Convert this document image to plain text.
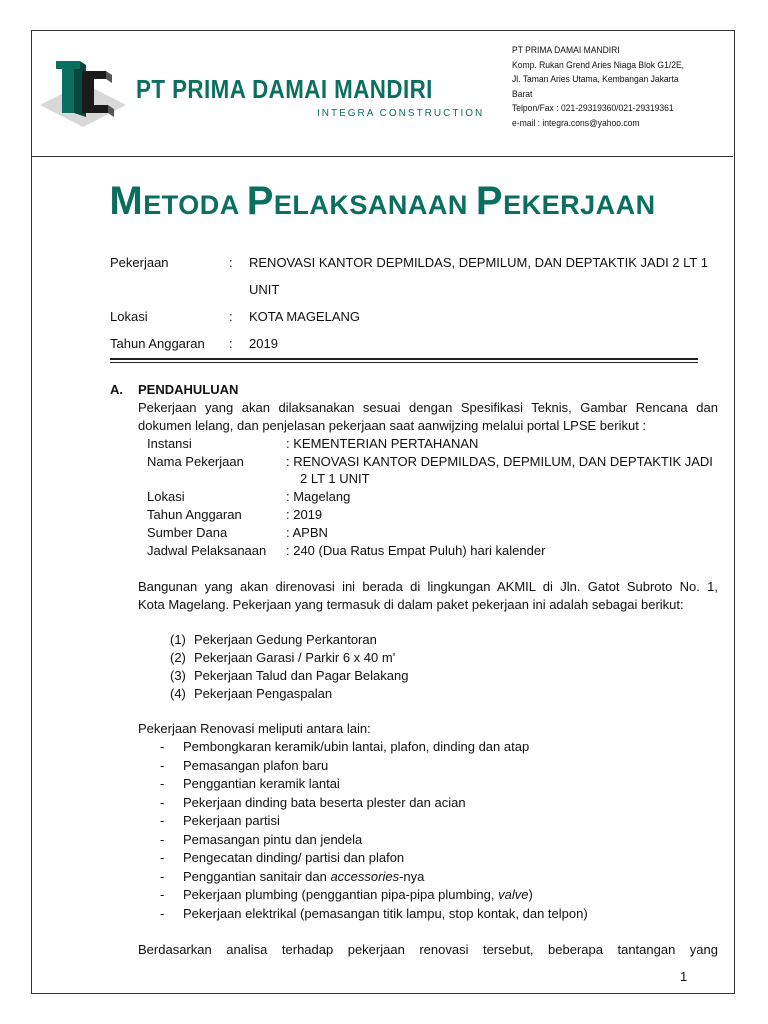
PT PRIMA DAMAI MANDIRI
INTEGRA CONSTRUCTION
PT PRIMA DAMAI MANDIRI
Komp. Rukan Grend Aries Niaga Blok G1/2E,
Jl. Taman Aries Utama, Kembangan Jakarta
Barat
Telpon/Fax : 021-29319360/021-29319361
e-mail : integra.cons@yahoo.com
METODA PELAKSANAAN PEKERJAAN
Pekerjaan	: RENOVASI KANTOR DEPMILDAS, DEPMILUM, DAN DEPTAKTIK JADI 2 LT 1
UNIT
Lokasi	: KOTA MAGELANG
Tahun Anggaran : 2019
A. PENDAHULUAN
Pekerjaan yang akan dilaksanakan sesuai dengan Spesifikasi Teknis, Gambar Rencana dan
dokumen lelang, dan penjelasan pekerjaan saat aanwijzing melalui portal LPSE berikut :
Instansi	: KEMENTERIAN PERTAHANAN
Nama Pekerjaan	: RENOVASI KANTOR DEPMILDAS, DEPMILUM, DAN DEPTAKTIK JADI
2 LT 1 UNIT
Lokasi	: Magelang
Tahun Anggaran	: 2019
Sumber Dana	: APBN
Jadwal Pelaksanaan : 240 (Dua Ratus Empat Puluh) hari kalender
Bangunan yang akan direnovasi ini berada di lingkungan AKMIL di Jln. Gatot Subroto No. 1,
Kota Magelang. Pekerjaan yang termasuk di dalam paket pekerjaan ini adalah sebagai berikut:
(1) Pekerjaan Gedung Perkantoran
(2) Pekerjaan Garasi / Parkir 6 x 40 m'
(3) Pekerjaan Talud dan Pagar Belakang
(4) Pekerjaan Pengaspalan
Pekerjaan Renovasi meliputi antara lain:
- Pembongkaran keramik/ubin lantai, plafon, dinding dan atap
- Pemasangan plafon baru
- Penggantian keramik lantai
- Pekerjaan dinding bata beserta plester dan acian
- Pekerjaan partisi
- Pemasangan pintu dan jendela
- Pengecatan dinding/ partisi dan plafon
- Penggantian sanitair dan accessories-nya
- Pekerjaan plumbing (penggantian pipa-pipa plumbing, valve)
- Pekerjaan elektrikal (pemasangan titik lampu, stop kontak, dan telpon)
Berdasarkan analisa terhadap pekerjaan renovasi tersebut, beberapa tantangan yang
1
